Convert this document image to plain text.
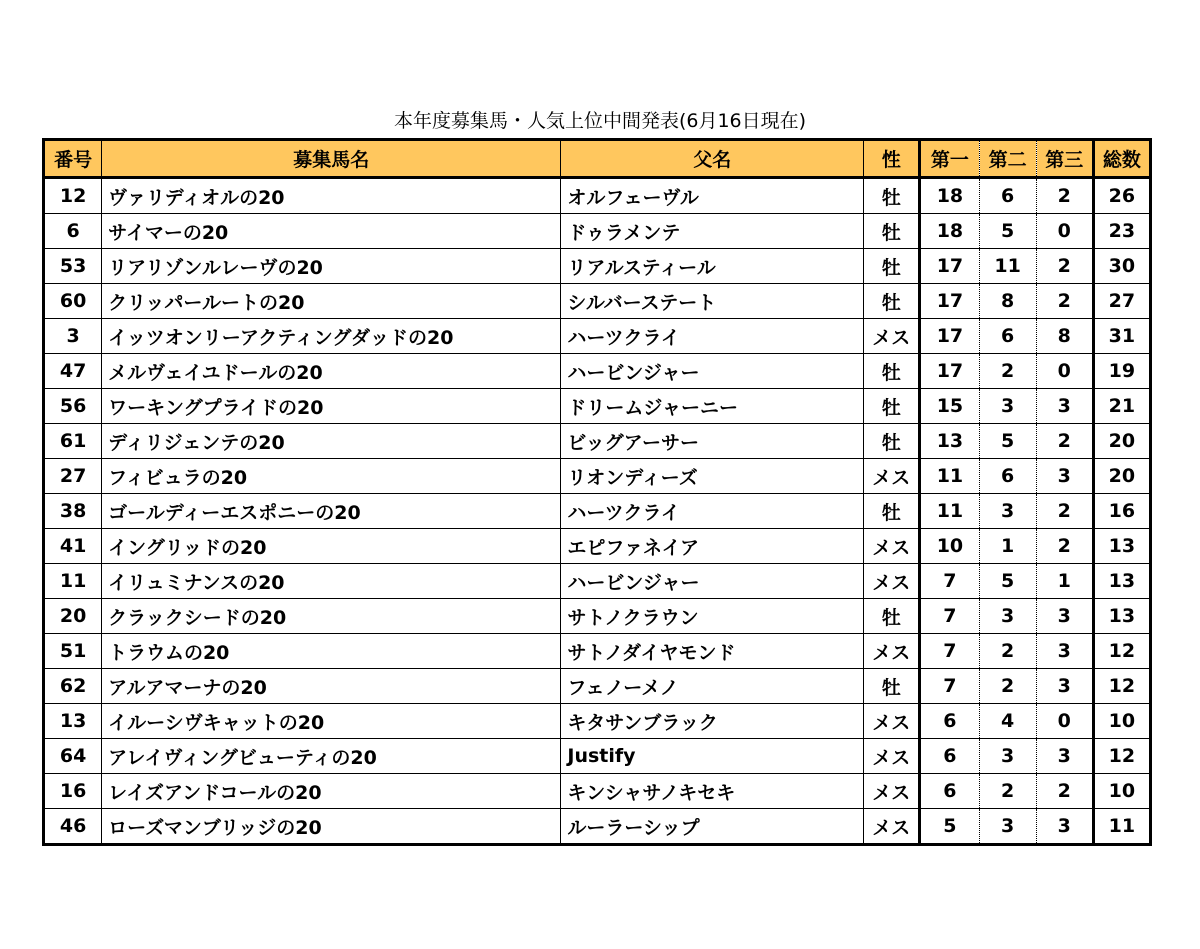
本年度募集馬・人気上位中間発表(6月16日現在)
番号	募集馬名	父名	性	第一	第二	第三	総数
12	ヴァリディオルの20	オルフェーヴル	牡	18	6	2	26
6	サイマーの20	ドゥラメンテ	牡	18	5	0	23
53	リアリゾンルレーヴの20	リアルスティール	牡	17	11	2	30
60	クリッパールートの20	シルバーステート	牡	17	8	2	27
3	イッツオンリーアクティングダッドの20	ハーツクライ	メス	17	6	8	31
47	メルヴェイユドールの20	ハービンジャー	牡	17	2	0	19
56	ワーキングプライドの20	ドリームジャーニー	牡	15	3	3	21
61	ディリジェンテの20	ビッグアーサー	牡	13	5	2	20
27	フィビュラの20	リオンディーズ	メス	11	6	3	20
38	ゴールディーエスポニーの20	ハーツクライ	牡	11	3	2	16
41	イングリッドの20	エピファネイア	メス	10	1	2	13
11	イリュミナンスの20	ハービンジャー	メス	7	5	1	13
20	クラックシードの20	サトノクラウン	牡	7	3	3	13
51	トラウムの20	サトノダイヤモンド	メス	7	2	3	12
62	アルアマーナの20	フェノーメノ	牡	7	2	3	12
13	イルーシヴキャットの20	キタサンブラック	メス	6	4	0	10
64	アレイヴィングビューティの20	Justify	メス	6	3	3	12
16	レイズアンドコールの20	キンシャサノキセキ	メス	6	2	2	10
46	ローズマンブリッジの20	ルーラーシップ	メス	5	3	3	11
